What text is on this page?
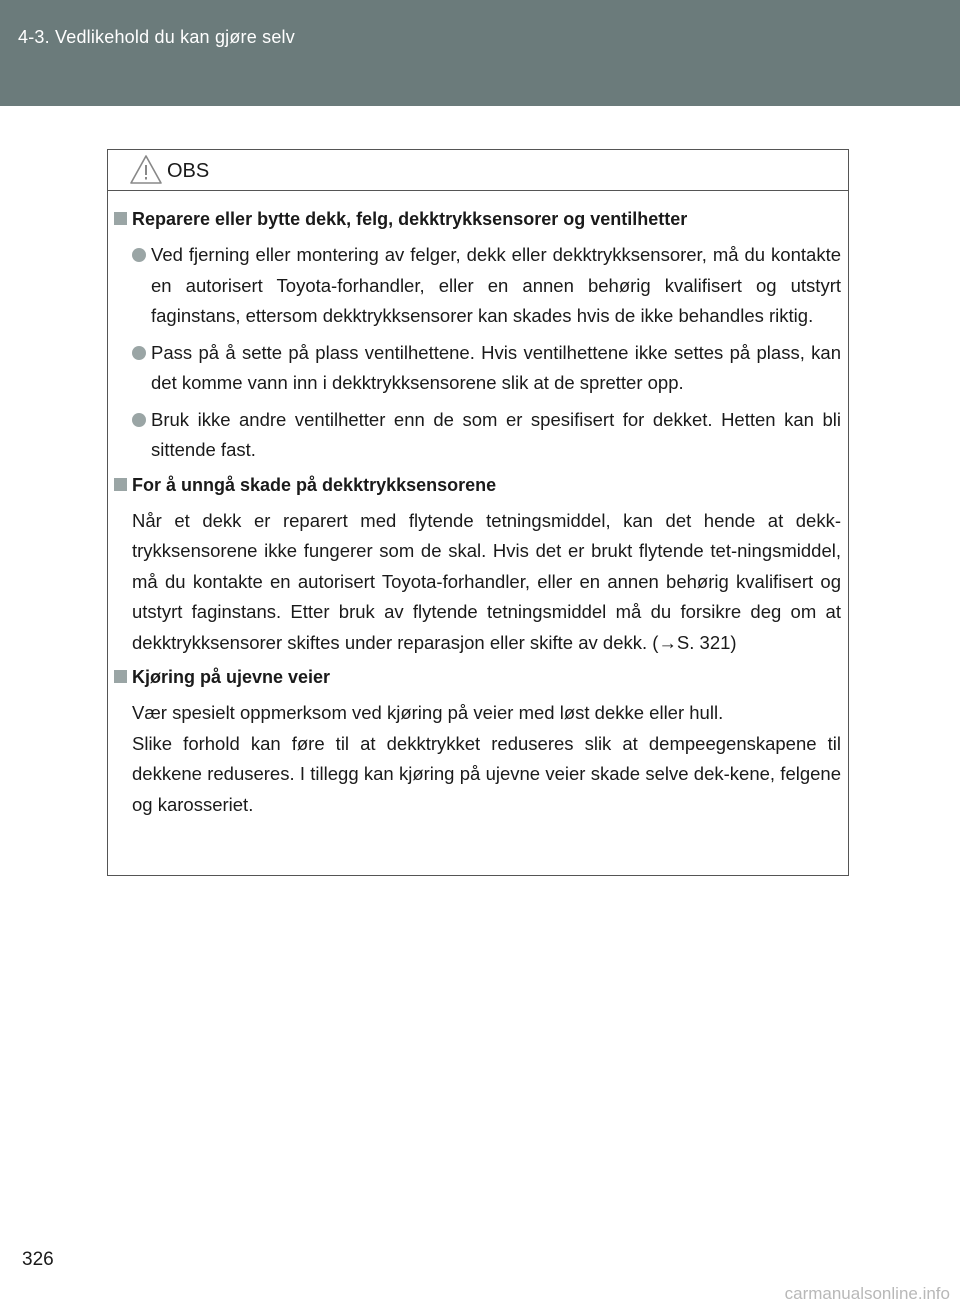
4-3. Vedlikehold du kan gjøre selv
OBS
Reparere eller bytte dekk, felg, dekktrykksensorer og ventilhetter
Ved fjerning eller montering av felger, dekk eller dekktrykksensorer, må du kontakte en autorisert Toyota-forhandler, eller en annen behørig kvalifisert og utstyrt faginstans, ettersom dekktrykksensorer kan skades hvis de ikke behandles riktig.
Pass på å sette på plass ventilhettene. Hvis ventilhettene ikke settes på plass, kan det komme vann inn i dekktrykksensorene slik at de spretter opp.
Bruk ikke andre ventilhetter enn de som er spesifisert for dekket. Hetten kan bli sittende fast.
For å unngå skade på dekktrykksensorene
Når et dekk er reparert med flytende tetningsmiddel, kan det hende at dekk-trykksensorene ikke fungerer som de skal. Hvis det er brukt flytende tet-ningsmiddel, må du kontakte en autorisert Toyota-forhandler, eller en annen behørig kvalifisert og utstyrt faginstans. Etter bruk av flytende tetningsmiddel må du forsikre deg om at dekktrykksensorer skiftes under reparasjon eller skifte av dekk. (→S. 321)
Kjøring på ujevne veier
Vær spesielt oppmerksom ved kjøring på veier med løst dekke eller hull.
Slike forhold kan føre til at dekktrykket reduseres slik at dempeegenskapene til dekkene reduseres. I tillegg kan kjøring på ujevne veier skade selve dek-kene, felgene og karosseriet.
326
carmanualsonline.info
